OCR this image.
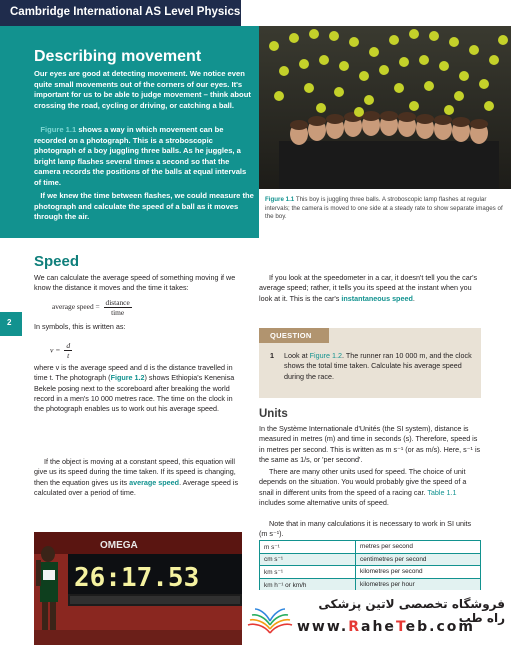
Cambridge International AS Level Physics
Describing movement
Our eyes are good at detecting movement. We notice even quite small movements out of the corners of our eyes. It's important for us to be able to judge movement – think about crossing the road, cycling or driving, or catching a ball.
Figure 1.1 shows a way in which movement can be recorded on a photograph. This is a stroboscopic photograph of a boy juggling three balls. As he juggles, a bright lamp flashes several times a second so that the camera records the positions of the balls at equal intervals of time.
If we knew the time between flashes, we could measure the photograph and calculate the speed of a ball as it moves through the air.
Figure 1.1 This boy is juggling three balls. A stroboscopic lamp flashes at regular intervals; the camera is moved to one side at a steady rate to show separate images of the boy.
2
Speed
We can calculate the average speed of something moving if we know the distance it moves and the time it takes:
average speed = $\frac{\text{distance}}{\text{time}}$
In symbols, this is written as:
$v = \frac{d}{t}$
where v is the average speed and d is the distance travelled in time t. The photograph (Figure 1.2) shows Ethiopia's Kenenisa Bekele posing next to the scoreboard after breaking the world record in a men's 10 000 metres race. The time on the clock in the photograph enables us to work out his average speed.
If the object is moving at a constant speed, this equation will give us its speed during the time taken. If its speed is changing, then the equation gives us its average speed. Average speed is calculated over a period of time.
OMEGA
26:17.53
If you look at the speedometer in a car, it doesn't tell you the car's average speed; rather, it tells you its speed at the instant when you look at it. This is the car's instantaneous speed.
QUESTION
1 Look at Figure 1.2. The runner ran 10 000 m, and the clock shows the total time taken. Calculate his average speed during the race.
Units
In the Système Internationale d'Unités (the SI system), distance is measured in metres (m) and time in seconds (s). Therefore, speed is in metres per second. This is written as m s⁻¹ (or as m/s). Here, s⁻¹ is the same as 1/s, or 'per second'.
There are many other units used for speed. The choice of unit depends on the situation. You would probably give the speed of a snail in different units from the speed of a racing car. Table 1.1 includes some alternative units of speed.
Note that in many calculations it is necessary to work in SI units (m s⁻¹).
m s⁻¹	metres per second
cm s⁻¹	centimetres per second
km s⁻¹	kilometres per second
km h⁻¹ or km/h	kilometres per hour
فروشگاه تخصصی لاتین پزشکی راه طب
www.RaheTeb.com
